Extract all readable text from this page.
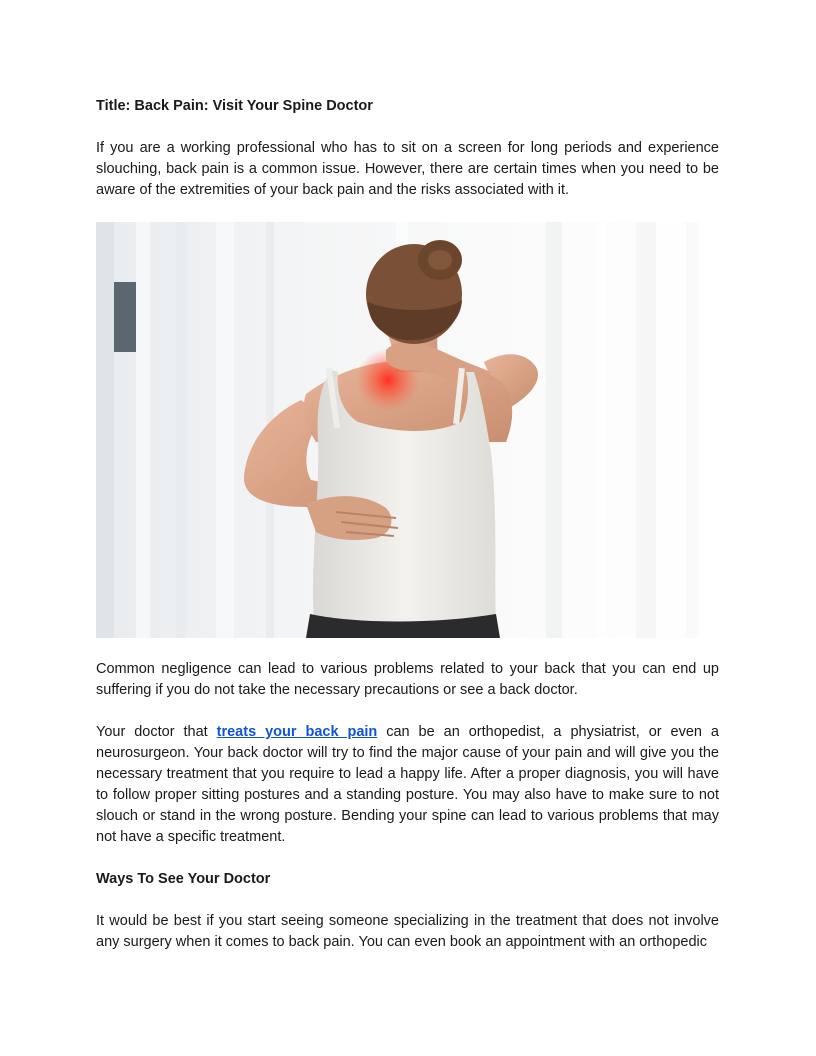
Title: Back Pain: Visit Your Spine Doctor

If you are a working professional who has to sit on a screen for long periods and experience slouching, back pain is a common issue. However, there are certain times when you need to be aware of the extremities of your back pain and the risks associated with it.

Common negligence can lead to various problems related to your back that you can end up suffering if you do not take the necessary precautions or see a back doctor.

Your doctor that treats your back pain can be an orthopedist, a physiatrist, or even a neurosurgeon. Your back doctor will try to find the major cause of your pain and will give you the necessary treatment that you require to lead a happy life. After a proper diagnosis, you will have to follow proper sitting postures and a standing posture. You may also have to make sure to not slouch or stand in the wrong posture. Bending your spine can lead to various problems that may not have a specific treatment.

Ways To See Your Doctor

It would be best if you start seeing someone specializing in the treatment that does not involve any surgery when it comes to back pain. You can even book an appointment with an orthopedic
